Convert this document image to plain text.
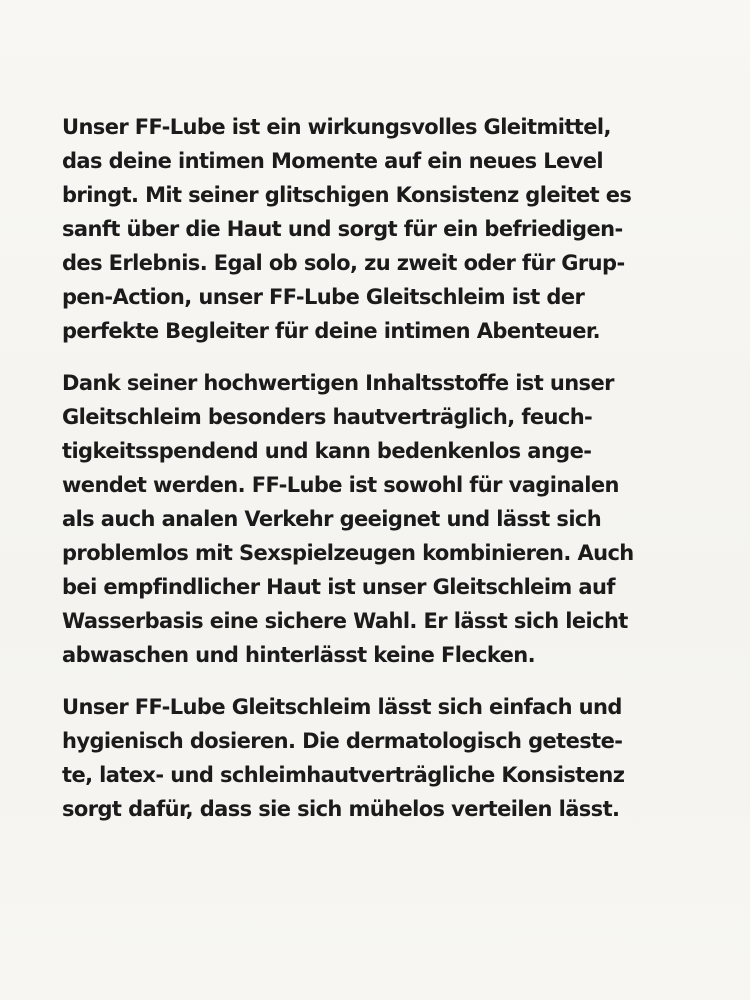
Unser FF-Lube ist ein wirkungsvolles Gleitmittel,
das deine intimen Momente auf ein neues Level
bringt. Mit seiner glitschigen Konsistenz gleitet es
sanft über die Haut und sorgt für ein befriedigen-
des Erlebnis. Egal ob solo, zu zweit oder für Grup-
pen-Action, unser FF-Lube Gleitschleim ist der
perfekte Begleiter für deine intimen Abenteuer.

Dank seiner hochwertigen Inhaltsstoffe ist unser
Gleitschleim besonders hautverträglich, feuch-
tigkeitsspendend und kann bedenkenlos ange-
wendet werden. FF-Lube ist sowohl für vaginalen
als auch analen Verkehr geeignet und lässt sich
problemlos mit Sexspielzeugen kombinieren. Auch
bei empfindlicher Haut ist unser Gleitschleim auf
Wasserbasis eine sichere Wahl. Er lässt sich leicht
abwaschen und hinterlässt keine Flecken.

Unser FF-Lube Gleitschleim lässt sich einfach und
hygienisch dosieren. Die dermatologisch geteste-
te, latex- und schleimhautverträgliche Konsistenz
sorgt dafür, dass sie sich mühelos verteilen lässt.
